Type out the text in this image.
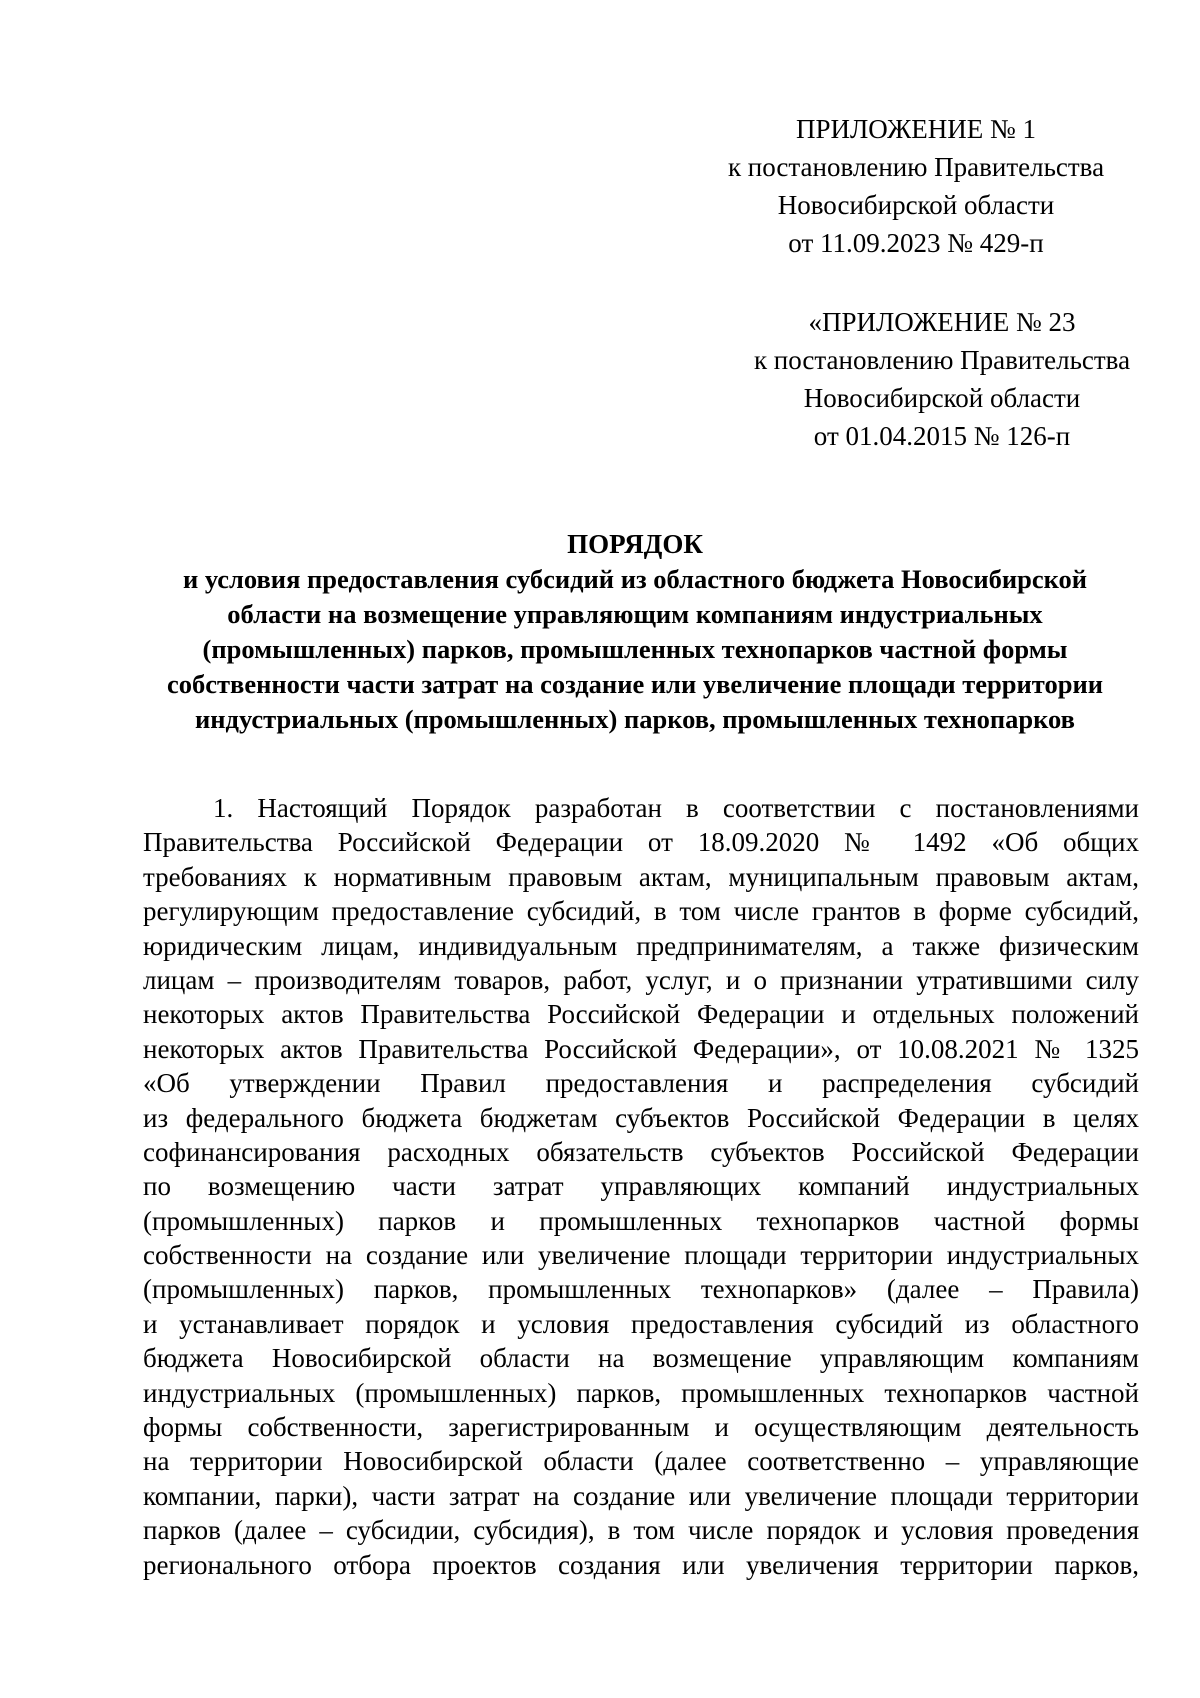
ПРИЛОЖЕНИЕ № 1
к постановлению Правительства
Новосибирской области
от 11.09.2023 № 429-п
«ПРИЛОЖЕНИЕ № 23
к постановлению Правительства
Новосибирской области
от 01.04.2015 № 126-п
ПОРЯДОК
и условия предоставления субсидий из областного бюджета Новосибирской
области на возмещение управляющим компаниям индустриальных
(промышленных) парков, промышленных технопарков частной формы
собственности части затрат на создание или увеличение площади территории
индустриальных (промышленных) парков, промышленных технопарков
1. Настоящий Порядок разработан в соответствии с постановлениями
Правительства Российской Федерации от 18.09.2020 № 1492 «Об общих
требованиях к нормативным правовым актам, муниципальным правовым актам,
регулирующим предоставление субсидий, в том числе грантов в форме субсидий,
юридическим лицам, индивидуальным предпринимателям, а также физическим
лицам – производителям товаров, работ, услуг, и о признании утратившими силу
некоторых актов Правительства Российской Федерации и отдельных положений
некоторых актов Правительства Российской Федерации», от 10.08.2021 № 1325
«Об утверждении Правил предоставления и распределения субсидий
из федерального бюджета бюджетам субъектов Российской Федерации в целях
софинансирования расходных обязательств субъектов Российской Федерации
по возмещению части затрат управляющих компаний индустриальных
(промышленных) парков и промышленных технопарков частной формы
собственности на создание или увеличение площади территории индустриальных
(промышленных) парков, промышленных технопарков» (далее – Правила)
и устанавливает порядок и условия предоставления субсидий из областного
бюджета Новосибирской области на возмещение управляющим компаниям
индустриальных (промышленных) парков, промышленных технопарков частной
формы собственности, зарегистрированным и осуществляющим деятельность
на территории Новосибирской области (далее соответственно – управляющие
компании, парки), части затрат на создание или увеличение площади территории
парков (далее – субсидии, субсидия), в том числе порядок и условия проведения
регионального отбора проектов создания или увеличения территории парков,
